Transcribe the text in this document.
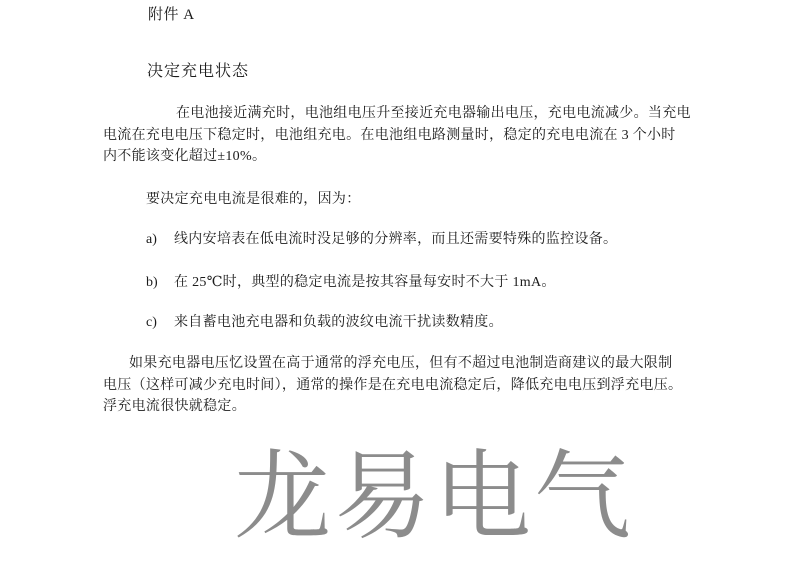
附件 A
决定充电状态
在电池接近满充时，电池组电压升至接近充电器输出电压，充电电流减少。当充电
电流在充电电压下稳定时，电池组充电。在电池组电路测量时，稳定的充电电流在 3 个小时
内不能该变化超过±10%。
要决定充电电流是很难的，因为：
a) 线内安培表在低电流时没足够的分辨率，而且还需要特殊的监控设备。
b) 在 25℃时，典型的稳定电流是按其容量每安时不大于 1mA。
c) 来自蓄电池充电器和负载的波纹电流干扰读数精度。
如果充电器电压忆设置在高于通常的浮充电压，但有不超过电池制造商建议的最大限制
电压（这样可减少充电时间），通常的操作是在充电电流稳定后，降低充电电压到浮充电压。
浮充电流很快就稳定。
龙易电气
